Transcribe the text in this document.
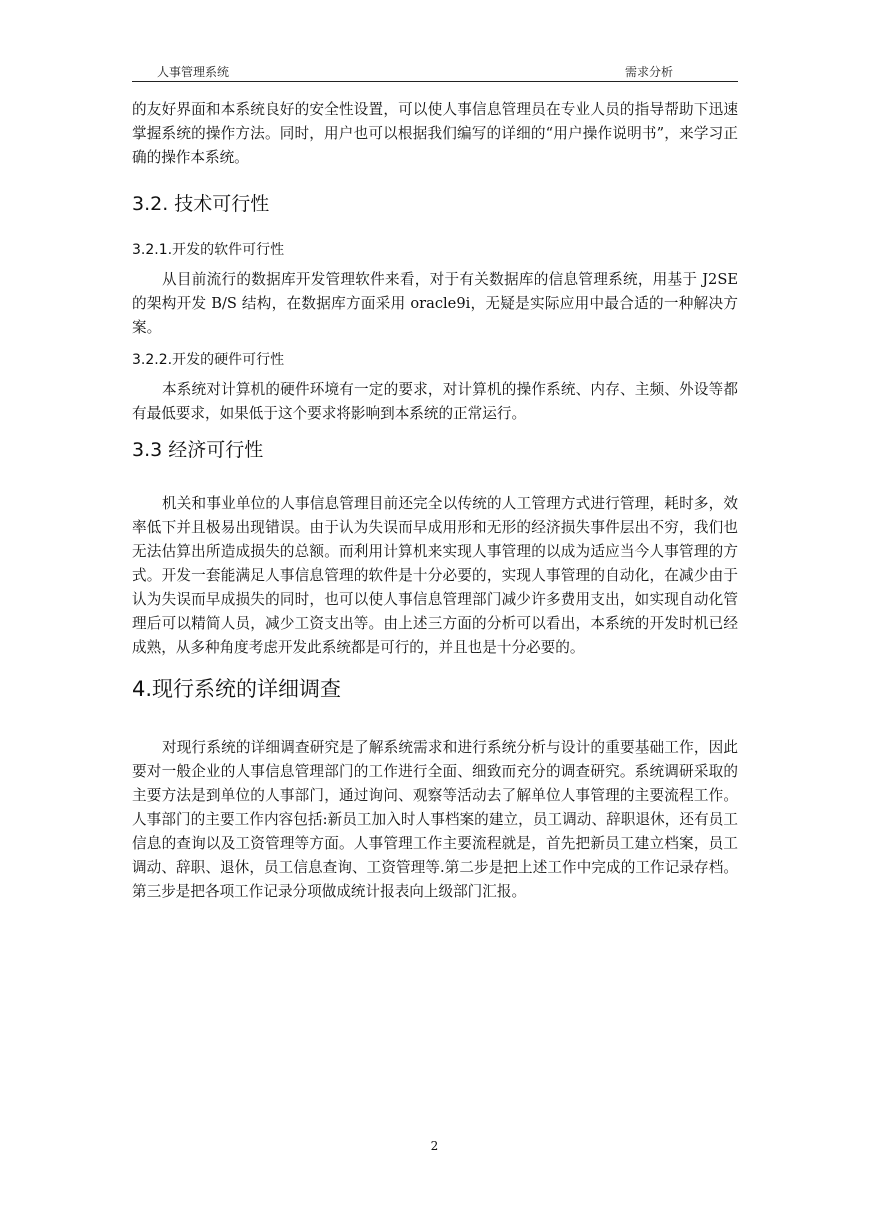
人事管理系统	需求分析

的友好界面和本系统良好的安全性设置，可以使人事信息管理员在专业人员的指导帮助下迅速掌握系统的操作方法。同时，用户也可以根据我们编写的详细的“用户操作说明书”，来学习正确的操作本系统。

3.2. 技术可行性
3.2.1.开发的软件可行性

从目前流行的数据库开发管理软件来看，对于有关数据库的信息管理系统，用基于 J2SE 的架构开发 B/S 结构，在数据库方面采用 oracle9i，无疑是实际应用中最合适的一种解决方案。

3.2.2.开发的硬件可行性

本系统对计算机的硬件环境有一定的要求，对计算机的操作系统、内存、主频、外设等都有最低要求，如果低于这个要求将影响到本系统的正常运行。

3.3 经济可行性

机关和事业单位的人事信息管理目前还完全以传统的人工管理方式进行管理，耗时多，效率低下并且极易出现错误。由于认为失误而早成用形和无形的经济损失事件层出不穷，我们也无法估算出所造成损失的总额。而利用计算机来实现人事管理的以成为适应当今人事管理的方式。开发一套能满足人事信息管理的软件是十分必要的，实现人事管理的自动化，在减少由于认为失误而早成损失的同时，也可以使人事信息管理部门减少许多费用支出，如实现自动化管理后可以精简人员，减少工资支出等。由上述三方面的分析可以看出，本系统的开发时机已经成熟，从多种角度考虑开发此系统都是可行的，并且也是十分必要的。

4.现行系统的详细调查

对现行系统的详细调查研究是了解系统需求和进行系统分析与设计的重要基础工作，因此要对一般企业的人事信息管理部门的工作进行全面、细致而充分的调查研究。系统调研采取的主要方法是到单位的人事部门，通过询问、观察等活动去了解单位人事管理的主要流程工作。人事部门的主要工作内容包括:新员工加入时人事档案的建立，员工调动、辞职退休，还有员工信息的查询以及工资管理等方面。人事管理工作主要流程就是，首先把新员工建立档案，员工调动、辞职、退休，员工信息查询、工资管理等.第二步是把上述工作中完成的工作记录存档。第三步是把各项工作记录分项做成统计报表向上级部门汇报。

2
